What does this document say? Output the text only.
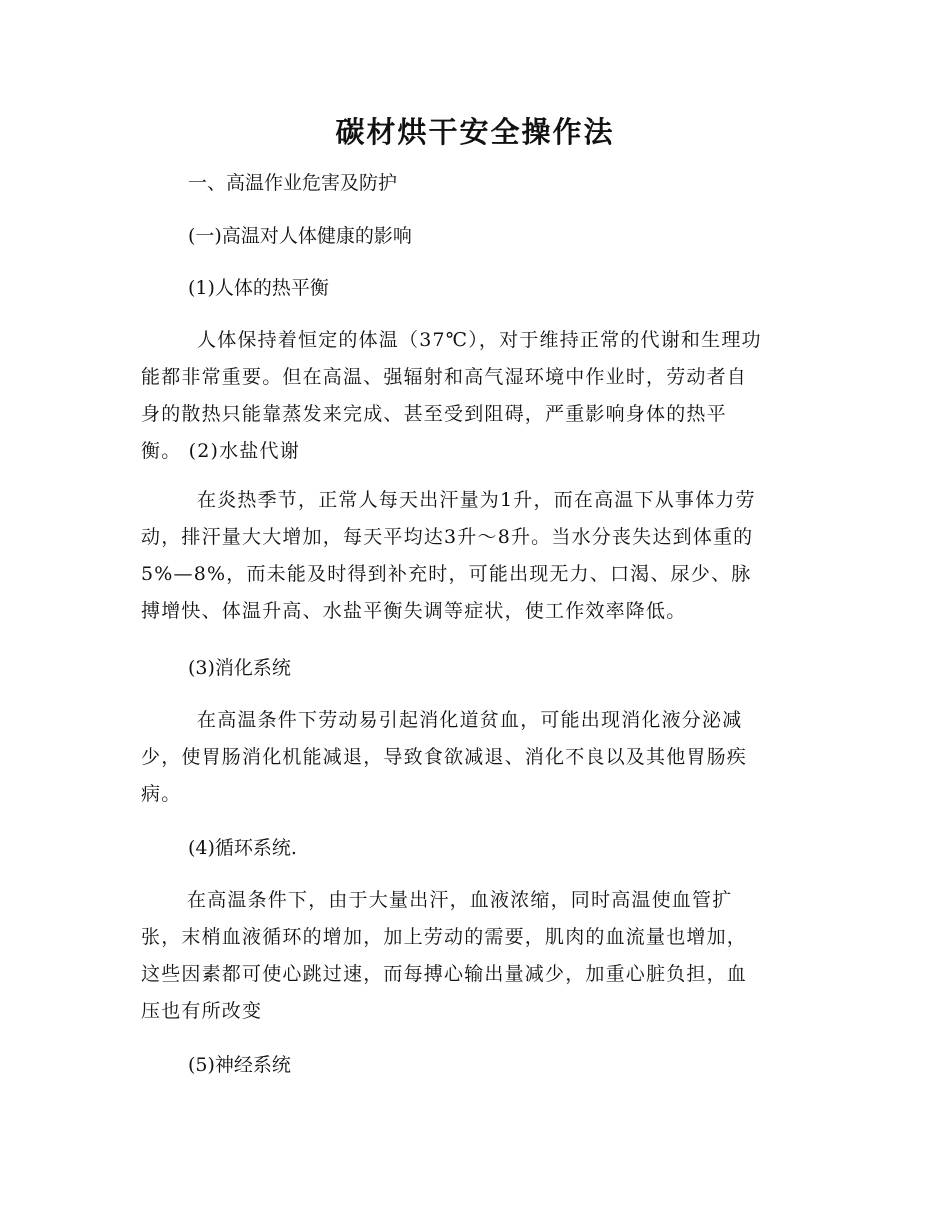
碳材烘干安全操作法
一、高温作业危害及防护
(一)高温对人体健康的影响
(1)人体的热平衡
人体保持着恒定的体温（37℃），对于维持正常的代谢和生理功
能都非常重要。但在高温、强辐射和高气湿环境中作业时，劳动者自
身的散热只能靠蒸发来完成、甚至受到阻碍，严重影响身体的热平
衡。 (2)水盐代谢
在炎热季节，正常人每天出汗量为1升，而在高温下从事体力劳
动，排汗量大大增加，每天平均达3升～8升。当水分丧失达到体重的
5%—8%，而未能及时得到补充时，可能出现无力、口渴、尿少、脉
搏增快、体温升高、水盐平衡失调等症状，使工作效率降低。
(3)消化系统
在高温条件下劳动易引起消化道贫血，可能出现消化液分泌减
少，使胃肠消化机能减退，导致食欲减退、消化不良以及其他胃肠疾
病。
(4)循环系统.
在高温条件下，由于大量出汗，血液浓缩，同时高温使血管扩
张，末梢血液循环的增加，加上劳动的需要，肌肉的血流量也增加，
这些因素都可使心跳过速，而每搏心输出量减少，加重心脏负担，血
压也有所改变
(5)神经系统
